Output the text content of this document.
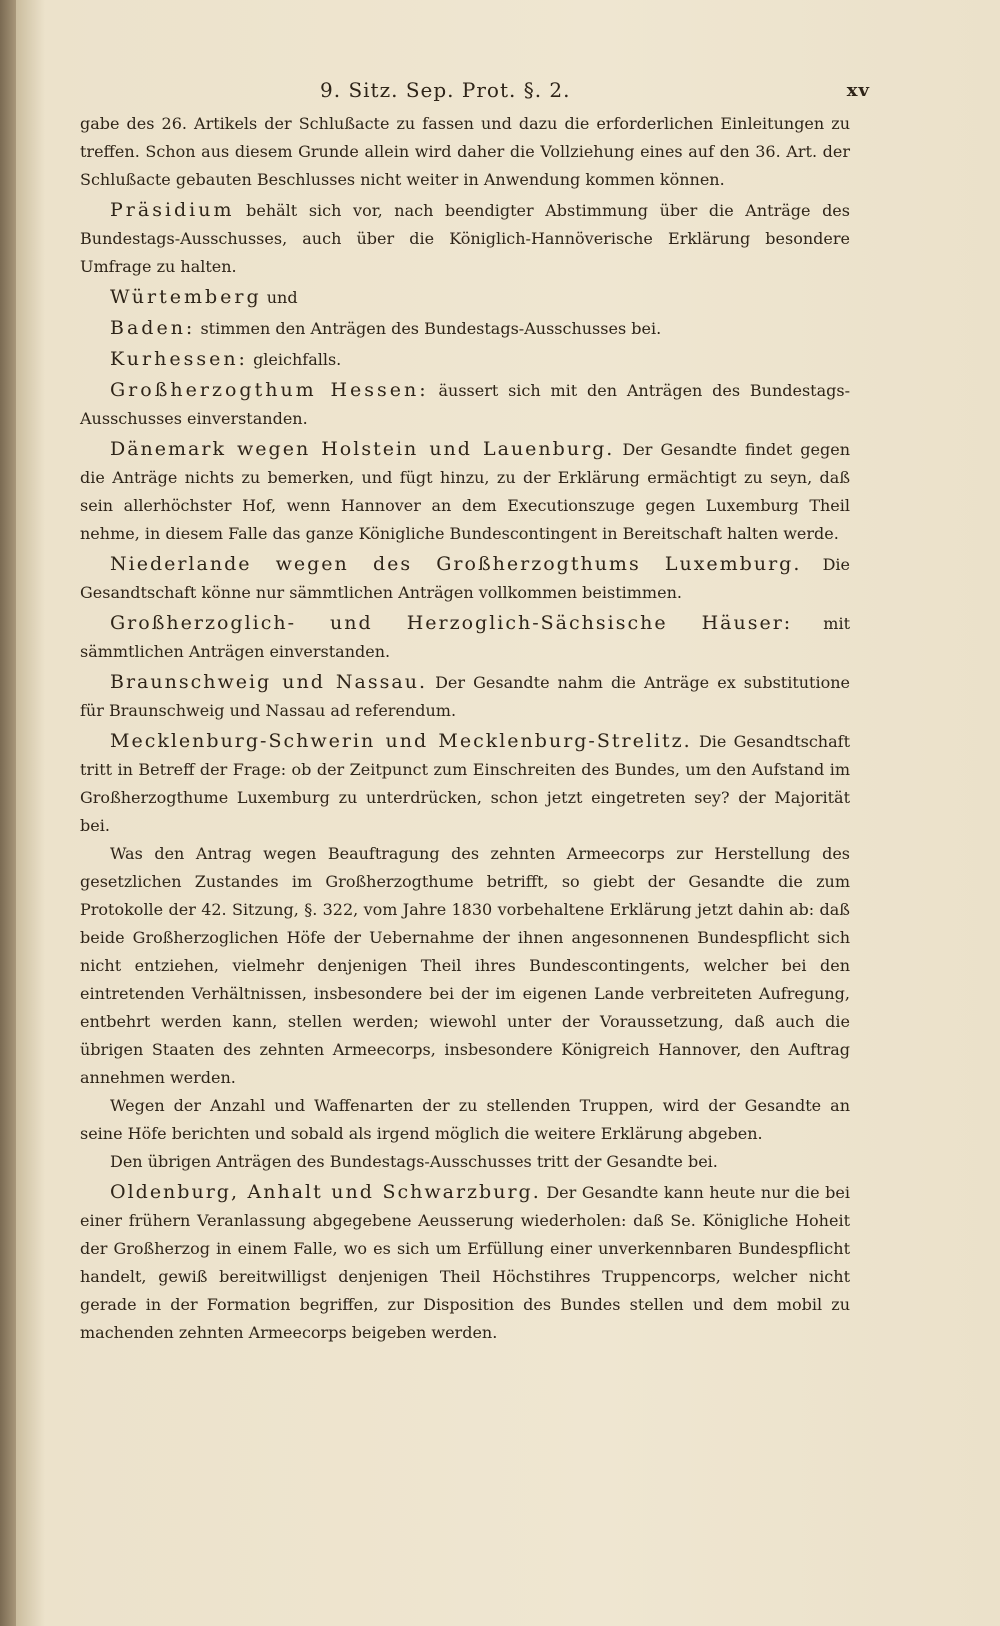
9. Sitz. Sep. Prot. §. 2.	xv

gabe des 26. Artikels der Schlußacte zu fassen und dazu die erforderlichen Einleitungen zu treffen. Schon aus diesem Grunde allein wird daher die Vollziehung eines auf den 36. Art. der Schlußacte gebauten Beschlusses nicht weiter in Anwendung kommen können.

Präsidium behält sich vor, nach beendigter Abstimmung über die Anträge des Bundestags-Ausschusses, auch über die Königlich-Hannöverische Erklärung besondere Umfrage zu halten.

Würtemberg und

Baden: stimmen den Anträgen des Bundestags-Ausschusses bei.

Kurhessen: gleichfalls.

Großherzogthum Hessen: äussert sich mit den Anträgen des Bundestags-Ausschusses einverstanden.

Dänemark wegen Holstein und Lauenburg. Der Gesandte findet gegen die Anträge nichts zu bemerken, und fügt hinzu, zu der Erklärung ermächtigt zu seyn, daß sein allerhöchster Hof, wenn Hannover an dem Executionszuge gegen Luxemburg Theil nehme, in diesem Falle das ganze Königliche Bundescontingent in Bereitschaft halten werde.

Niederlande wegen des Großherzogthums Luxemburg. Die Gesandtschaft könne nur sämmtlichen Anträgen vollkommen beistimmen.

Großherzoglich- und Herzoglich-Sächsische Häuser: mit sämmtlichen Anträgen einverstanden.

Braunschweig und Nassau. Der Gesandte nahm die Anträge ex substitutione für Braunschweig und Nassau ad referendum.

Mecklenburg-Schwerin und Mecklenburg-Strelitz. Die Gesandtschaft tritt in Betreff der Frage: ob der Zeitpunct zum Einschreiten des Bundes, um den Aufstand im Großherzogthume Luxemburg zu unterdrücken, schon jetzt eingetreten sey? der Majorität bei.

Was den Antrag wegen Beauftragung des zehnten Armeecorps zur Herstellung des gesetzlichen Zustandes im Großherzogthume betrifft, so giebt der Gesandte die zum Protokolle der 42. Sitzung, §. 322, vom Jahre 1830 vorbehaltene Erklärung jetzt dahin ab: daß beide Großherzoglichen Höfe der Uebernahme der ihnen angesonnenen Bundespflicht sich nicht entziehen, vielmehr denjenigen Theil ihres Bundescontingents, welcher bei den eintretenden Verhältnissen, insbesondere bei der im eigenen Lande verbreiteten Aufregung, entbehrt werden kann, stellen werden; wiewohl unter der Voraussetzung, daß auch die übrigen Staaten des zehnten Armeecorps, insbesondere Königreich Hannover, den Auftrag annehmen werden.

Wegen der Anzahl und Waffenarten der zu stellenden Truppen, wird der Gesandte an seine Höfe berichten und sobald als irgend möglich die weitere Erklärung abgeben.

Den übrigen Anträgen des Bundestags-Ausschusses tritt der Gesandte bei.

Oldenburg, Anhalt und Schwarzburg. Der Gesandte kann heute nur die bei einer frühern Veranlassung abgegebene Aeusserung wiederholen: daß Se. Königliche Hoheit der Großherzog in einem Falle, wo es sich um Erfüllung einer unverkennbaren Bundespflicht handelt, gewiß bereitwilligst denjenigen Theil Höchstihres Truppencorps, welcher nicht gerade in der Formation begriffen, zur Disposition des Bundes stellen und dem mobil zu machenden zehnten Armeecorps beigeben werden.
